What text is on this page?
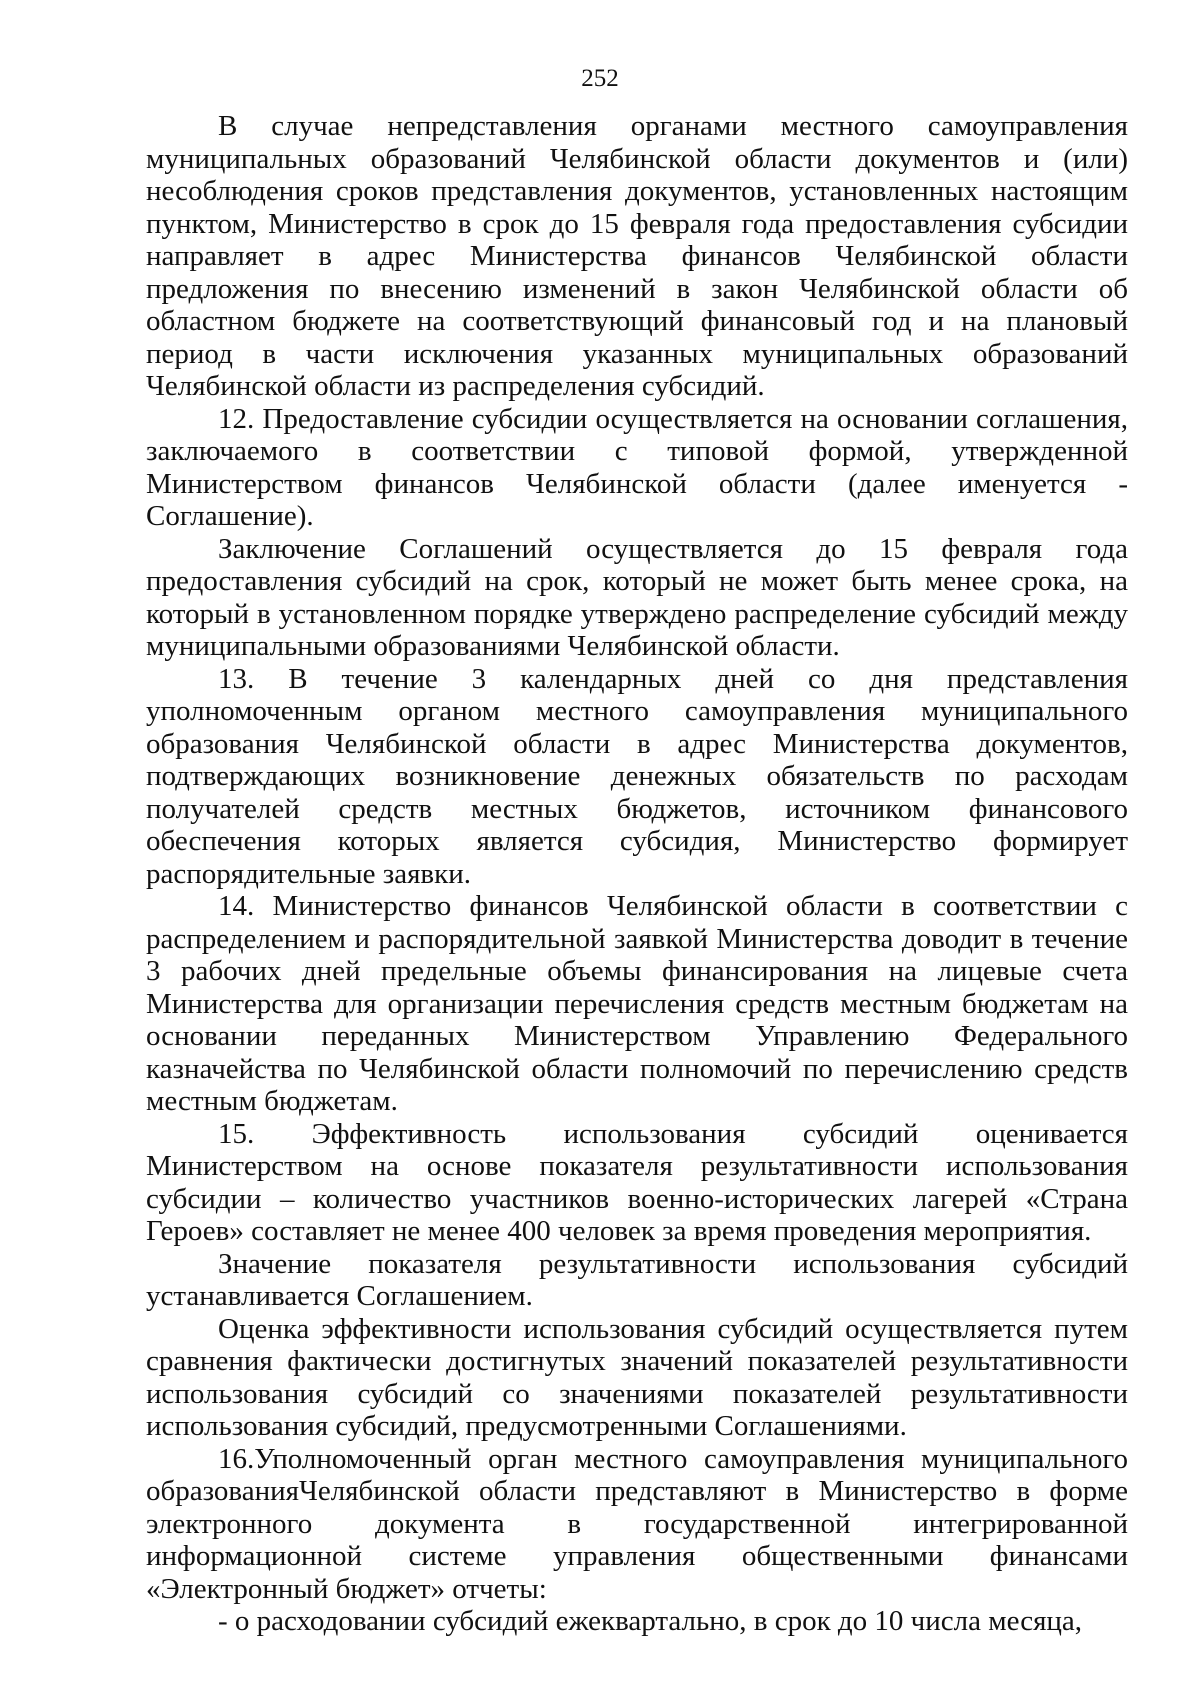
252

В случае непредставления органами местного самоуправления муниципальных образований Челябинской области документов и (или) несоблюдения сроков представления документов, установленных настоящим пунктом, Министерство в срок до 15 февраля года предоставления субсидии направляет в адрес Министерства финансов Челябинской области предложения по внесению изменений в закон Челябинской области об областном бюджете на соответствующий финансовый год и на плановый период в части исключения указанных муниципальных образований Челябинской области из распределения субсидий.

12. Предоставление субсидии осуществляется на основании соглашения, заключаемого в соответствии с типовой формой, утвержденной Министерством финансов Челябинской области (далее именуется - Соглашение).

Заключение Соглашений осуществляется до 15 февраля года предоставления субсидий на срок, который не может быть менее срока, на который в установленном порядке утверждено распределение субсидий между муниципальными образованиями Челябинской области.

13. В течение 3 календарных дней со дня представления уполномоченным органом местного самоуправления муниципального образования Челябинской области в адрес Министерства документов, подтверждающих возникновение денежных обязательств по расходам получателей средств местных бюджетов, источником финансового обеспечения которых является субсидия, Министерство формирует распорядительные заявки.

14. Министерство финансов Челябинской области в соответствии с распределением и распорядительной заявкой Министерства доводит в течение 3 рабочих дней предельные объемы финансирования на лицевые счета Министерства для организации перечисления средств местным бюджетам на основании переданных Министерством Управлению Федерального казначейства по Челябинской области полномочий по перечислению средств местным бюджетам.

15. Эффективность использования субсидий оценивается Министерством на основе показателя результативности использования субсидии – количество участников военно-исторических лагерей «Страна Героев» составляет не менее 400 человек за время проведения мероприятия.

Значение показателя результативности использования субсидий устанавливается Соглашением.

Оценка эффективности использования субсидий осуществляется путем сравнения фактически достигнутых значений показателей результативности использования субсидий со значениями показателей результативности использования субсидий, предусмотренными Соглашениями.

16.Уполномоченный орган местного самоуправления муниципального образованияЧелябинской области представляют в Министерство в форме электронного документа в государственной интегрированной информационной системе управления общественными финансами «Электронный бюджет» отчеты:

- о расходовании субсидий ежеквартально, в срок до 10 числа месяца,
